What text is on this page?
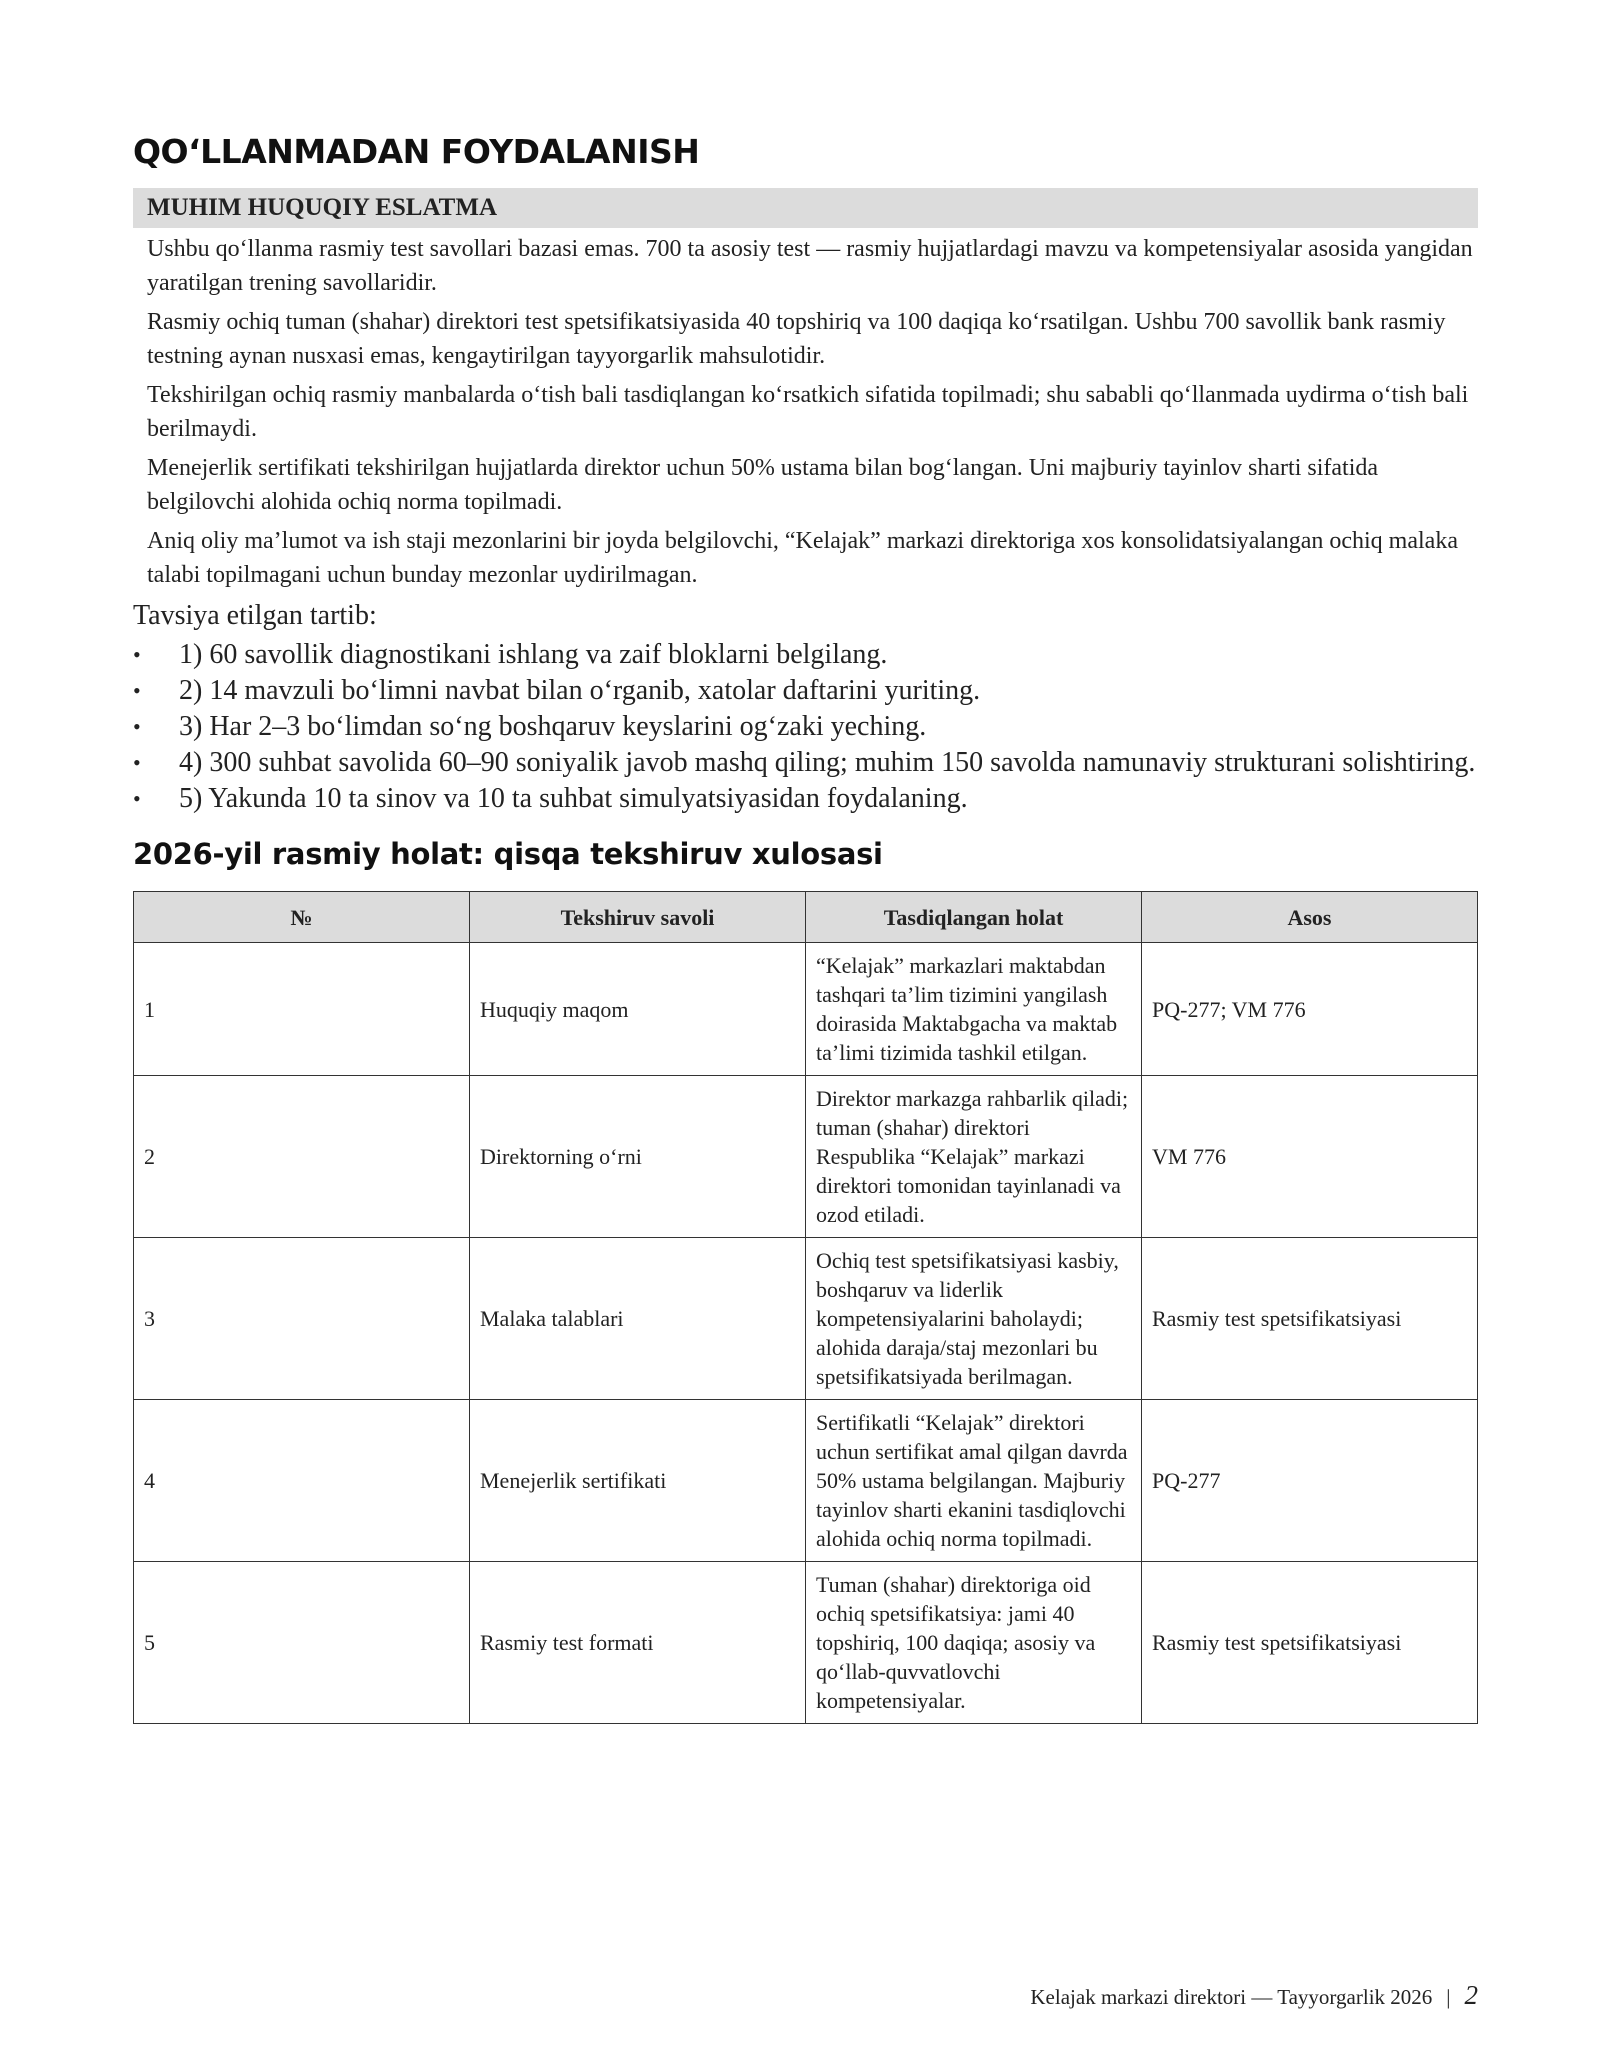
QO‘LLANMADAN FOYDALANISH
MUHIM HUQUQIY ESLATMA

Ushbu qo‘llanma rasmiy test savollari bazasi emas. 700 ta asosiy test — rasmiy hujjatlardagi mavzu va kompetensiyalar asosida yangidan yaratilgan trening savollaridir.

Rasmiy ochiq tuman (shahar) direktori test spetsifikatsiyasida 40 topshiriq va 100 daqiqa ko‘rsatilgan. Ushbu 700 savollik bank rasmiy testning aynan nusxasi emas, kengaytirilgan tayyorgarlik mahsulotidir.

Tekshirilgan ochiq rasmiy manbalarda o‘tish bali tasdiqlangan ko‘rsatkich sifatida topilmadi; shu sababli qo‘llanmada uydirma o‘tish bali berilmaydi.

Menejerlik sertifikati tekshirilgan hujjatlarda direktor uchun 50% ustama bilan bog‘langan. Uni majburiy tayinlov sharti sifatida belgilovchi alohida ochiq norma topilmadi.

Aniq oliy ma’lumot va ish staji mezonlarini bir joyda belgilovchi, “Kelajak” markazi direktoriga xos konsolidatsiyalangan ochiq malaka talabi topilmagani uchun bunday mezonlar uydirilmagan.

Tavsiya etilgan tartib:
• 1) 60 savollik diagnostikani ishlang va zaif bloklarni belgilang.
• 2) 14 mavzuli bo‘limni navbat bilan o‘rganib, xatolar daftarini yuriting.
• 3) Har 2–3 bo‘limdan so‘ng boshqaruv keyslarini og‘zaki yeching.
• 4) 300 suhbat savolida 60–90 soniyalik javob mashq qiling; muhim 150 savolda namunaviy strukturani solishtiring.
• 5) Yakunda 10 ta sinov va 10 ta suhbat simulyatsiyasidan foydalaning.
2026-yil rasmiy holat: qisqa tekshiruv xulosasi
№	Tekshiruv savoli	Tasdiqlangan holat	Asos
1	Huquqiy maqom	“Kelajak” markazlari maktabdan tashqari ta’lim tizimini yangilash doirasida Maktabgacha va maktab ta’limi tizimida tashkil etilgan.	PQ-277; VM 776
2	Direktorning o‘rni	Direktor markazga rahbarlik qiladi; tuman (shahar) direktori Respublika “Kelajak” markazi direktori tomonidan tayinlanadi va ozod etiladi.	VM 776
3	Malaka talablari	Ochiq test spetsifikatsiyasi kasbiy, boshqaruv va liderlik kompetensiyalarini baholaydi; alohida daraja/staj mezonlari bu spetsifikatsiyada berilmagan.	Rasmiy test spetsifikatsiyasi
4	Menejerlik sertifikati	Sertifikatli “Kelajak” direktori uchun sertifikat amal qilgan davrda 50% ustama belgilangan. Majburiy tayinlov sharti ekanini tasdiqlovchi alohida ochiq norma topilmadi.	PQ-277
5	Rasmiy test formati	Tuman (shahar) direktoriga oid ochiq spetsifikatsiya: jami 40 topshiriq, 100 daqiqa; asosiy va qo‘llab-quvvatlovchi kompetensiyalar.	Rasmiy test spetsifikatsiyasi
Kelajak markazi direktori — Tayyorgarlik 2026 | 2
